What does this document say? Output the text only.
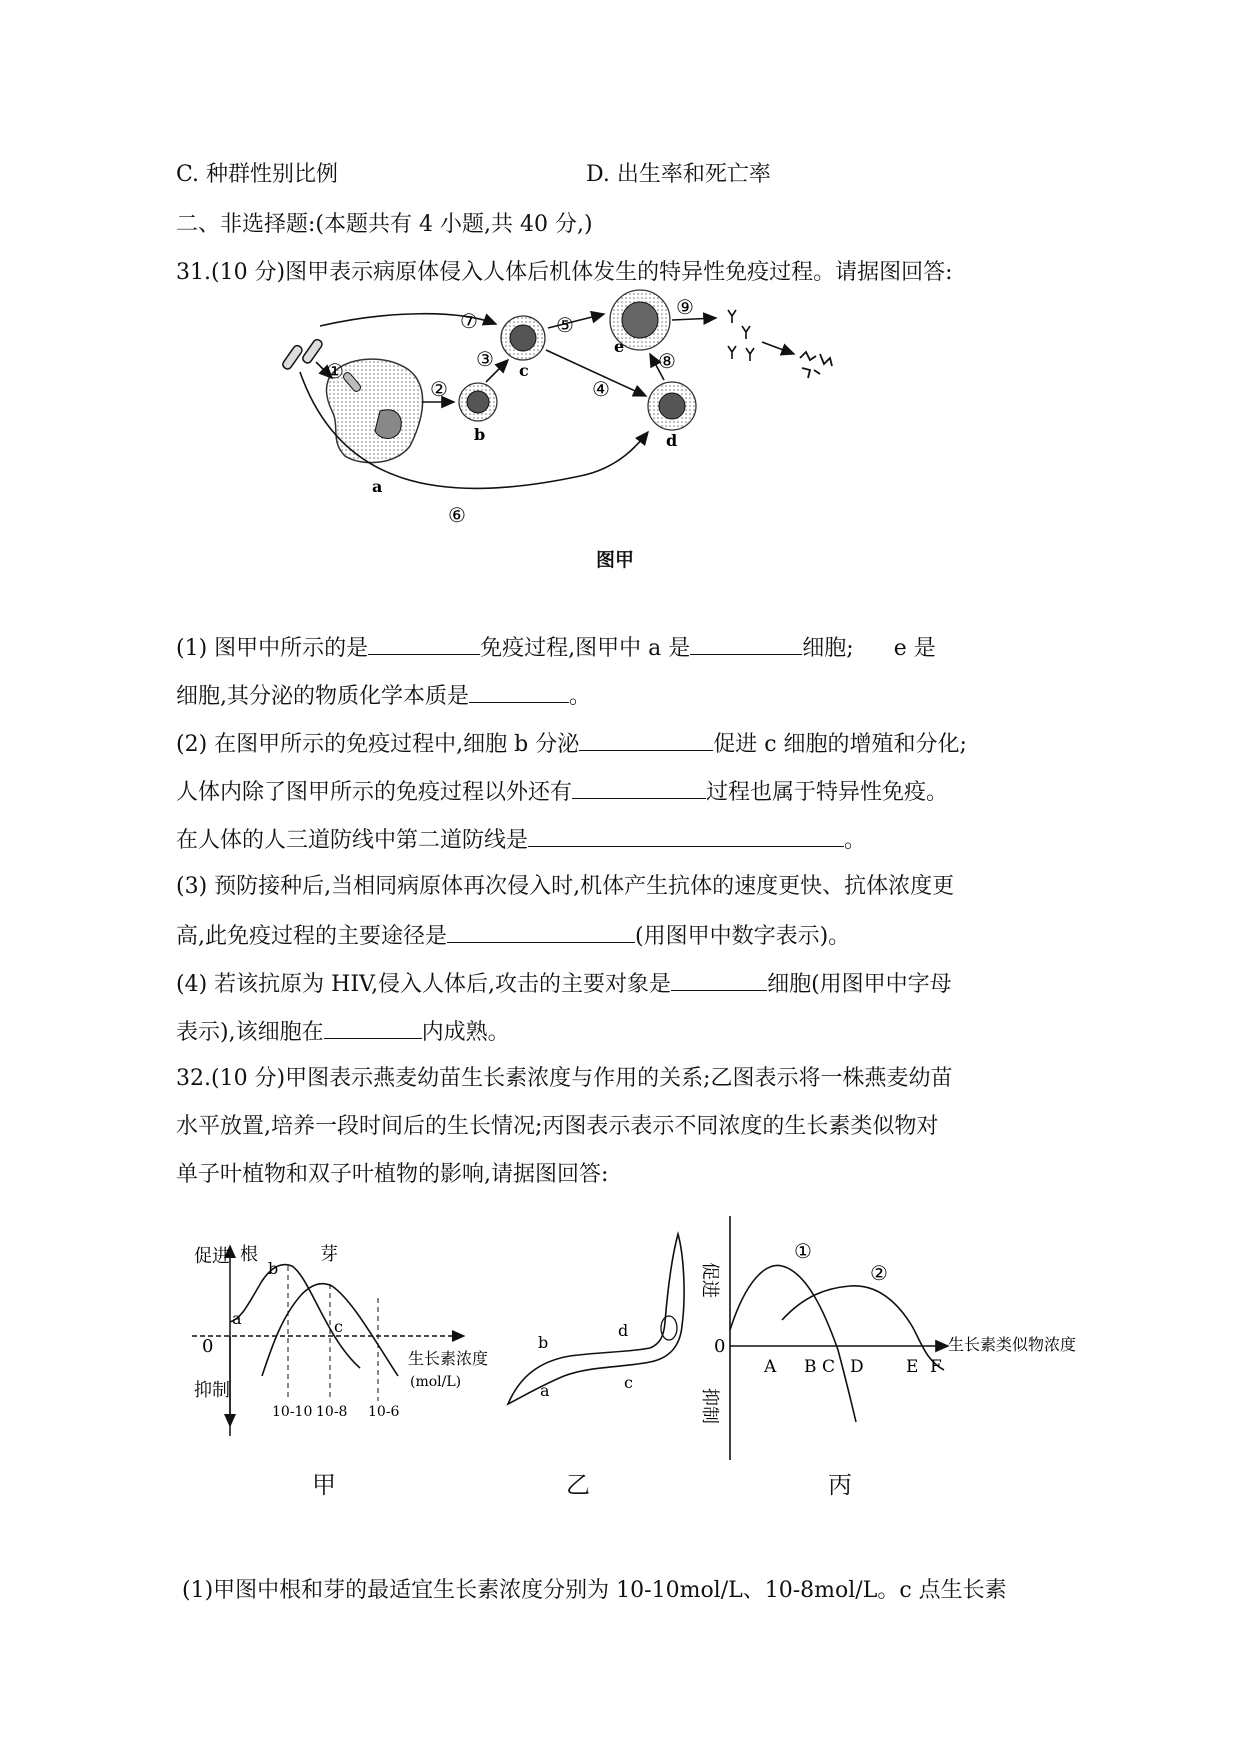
C. 种群性别比例	D. 出生率和死亡率
二、非选择题:(本题共有 4 小题,共 40 分,)
31.(10 分)图甲表示病原体侵入人体后机体发生的特异性免疫过程。请据图回答:
①
②
③
④
⑤
⑥
⑦
⑧
⑨
a
b
c
d
e
图甲
(1) 图甲中所示的是	免疫过程,图甲中 a 是	细胞; e 是
细胞,其分泌的物质化学本质是	。
(2) 在图甲所示的免疫过程中,细胞 b 分泌	促进 c 细胞的增殖和分化;
人体内除了图甲所示的免疫过程以外还有	过程也属于特异性免疫。
在人体的人三道防线中第二道防线是	。
(3) 预防接种后,当相同病原体再次侵入时,机体产生抗体的速度更快、抗体浓度更
高,此免疫过程的主要途径是	(用图甲中数字表示)。
(4) 若该抗原为 HIV,侵入人体后,攻击的主要对象是	细胞(用图甲中字母
表示),该细胞在	内成熟。
32.(10 分)甲图表示燕麦幼苗生长素浓度与作用的关系;乙图表示将一株燕麦幼苗
水平放置,培养一段时间后的生长情况;丙图表示表示不同浓度的生长素类似物对
单子叶植物和双子叶植物的影响,请据图回答:
促进
0
抑制
根	芽
a
b
c
10-10 10-8 10-6
生长素浓度
(mol/L)
甲
b
a
d
c
乙
促进
0
抑制
①
②
生长素类似物浓度
A B C D E F
丙
(1)甲图中根和芽的最适宜生长素浓度分别为 10-10mol/L、10-8mol/L。c 点生长素
